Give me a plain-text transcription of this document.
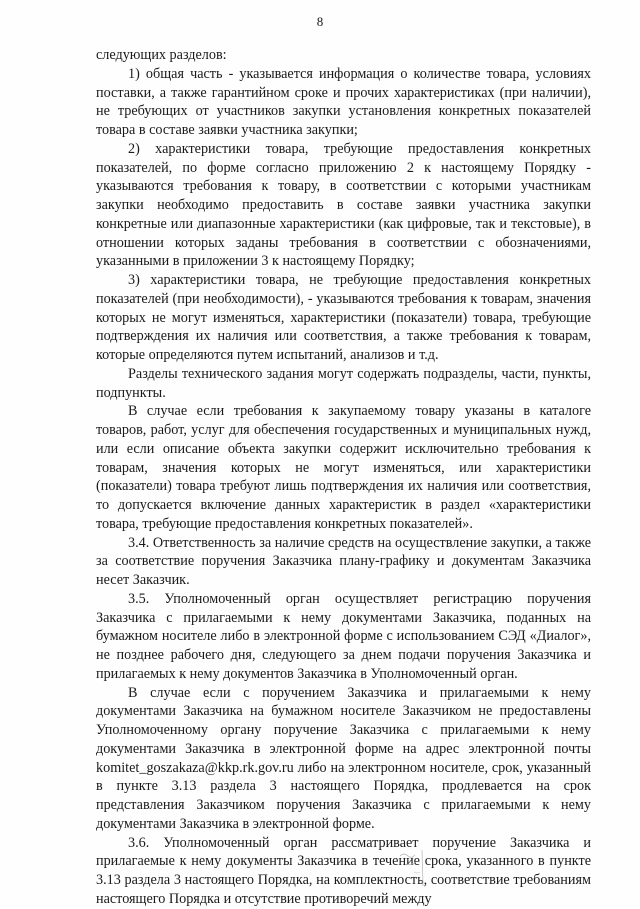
8

следующих разделов:

1) общая часть - указывается информация о количестве товара, условиях поставки, а также гарантийном сроке и прочих характеристиках (при наличии), не требующих от участников закупки установления конкретных показателей товара в составе заявки участника закупки;

2) характеристики товара, требующие предоставления конкретных показателей, по форме согласно приложению 2 к настоящему Порядку - указываются требования к товару, в соответствии с которыми участникам закупки необходимо предоставить в составе заявки участника закупки конкретные или диапазонные характеристики (как цифровые, так и текстовые), в отношении которых заданы требования в соответствии с обозначениями, указанными в приложении 3 к настоящему Порядку;

3) характеристики товара, не требующие предоставления конкретных показателей (при необходимости), - указываются требования к товарам, значения которых не могут изменяться, характеристики (показатели) товара, требующие подтверждения их наличия или соответствия, а также требования к товарам, которые определяются путем испытаний, анализов и т.д.

Разделы технического задания могут содержать подразделы, части, пункты, подпункты.

В случае если требования к закупаемому товару указаны в каталоге товаров, работ, услуг для обеспечения государственных и муниципальных нужд, или если описание объекта закупки содержит исключительно требования к товарам, значения которых не могут изменяться, или характеристики (показатели) товара требуют лишь подтверждения их наличия или соответствия, то допускается включение данных характеристик в раздел «характеристики товара, требующие предоставления конкретных показателей».

3.4. Ответственность за наличие средств на осуществление закупки, а также за соответствие поручения Заказчика плану-графику и документам Заказчика несет Заказчик.

3.5. Уполномоченный орган осуществляет регистрацию поручения Заказчика с прилагаемыми к нему документами Заказчика, поданных на бумажном носителе либо в электронной форме с использованием СЭД «Диалог», не позднее рабочего дня, следующего за днем подачи поручения Заказчика и прилагаемых к нему документов Заказчика в Уполномоченный орган.

В случае если с поручением Заказчика и прилагаемыми к нему документами Заказчика на бумажном носителе Заказчиком не предоставлены Уполномоченному органу поручение Заказчика с прилагаемыми к нему документами Заказчика в электронной форме на адрес электронной почты komitet_goszakaza@kkp.rk.gov.ru либо на электронном носителе, срок, указанный в пункте 3.13 раздела 3 настоящего Порядка, продлевается на срок представления Заказчиком поручения Заказчика с прилагаемыми к нему документами Заказчика в электронной форме.

3.6. Уполномоченный орган рассматривает поручение Заказчика и прилагаемые к нему документы Заказчика в течение срока, указанного в пункте 3.13 раздела 3 настоящего Порядка, на комплектность, соответствие требованиям настоящего Порядка и отсутствие противоречий между
